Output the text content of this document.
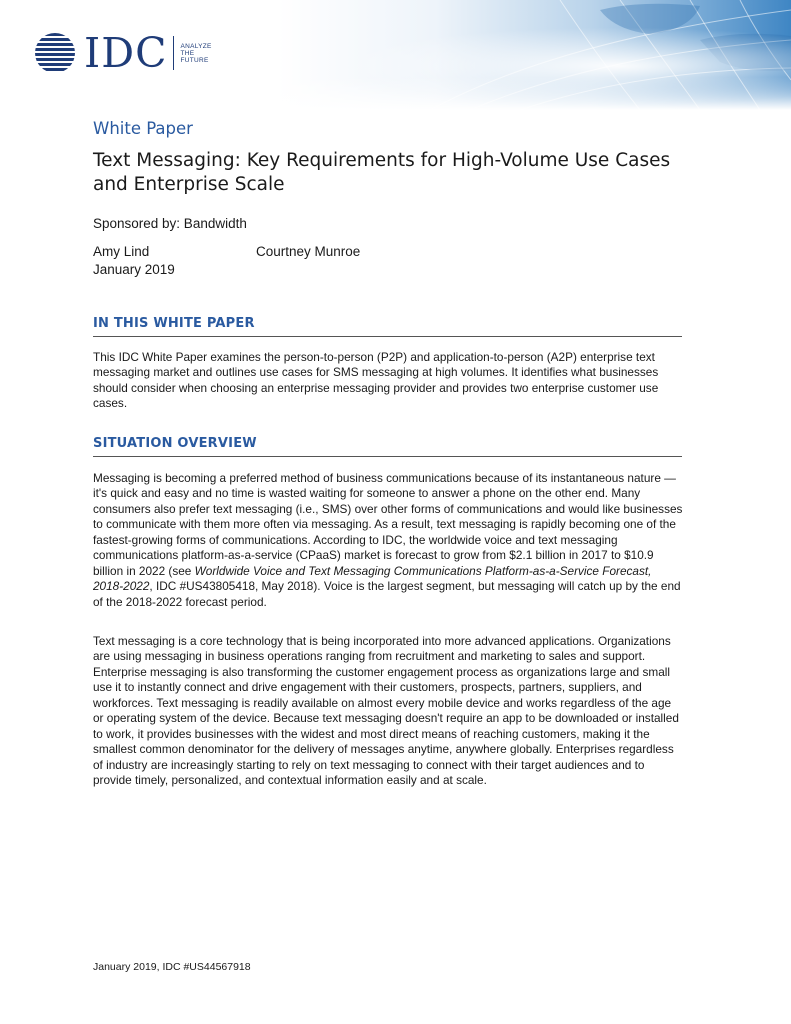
IDC ANALYZE
THE
FUTURE
White Paper
Text Messaging: Key Requirements for High-Volume Use Cases
and Enterprise Scale
Sponsored by: Bandwidth
Amy Lind
January 2019
Courtney Munroe
IN THIS WHITE PAPER
This IDC White Paper examines the person-to-person (P2P) and application-to-person (A2P) enterprise text messaging market and outlines use cases for SMS messaging at high volumes. It identifies what businesses should consider when choosing an enterprise messaging provider and provides two enterprise customer use cases.
SITUATION OVERVIEW
Messaging is becoming a preferred method of business communications because of its instantaneous nature — it's quick and easy and no time is wasted waiting for someone to answer a phone on the other end. Many consumers also prefer text messaging (i.e., SMS) over other forms of communications and would like businesses to communicate with them more often via messaging. As a result, text messaging is rapidly becoming one of the fastest-growing forms of communications. According to IDC, the worldwide voice and text messaging communications platform-as-a-service (CPaaS) market is forecast to grow from $2.1 billion in 2017 to $10.9 billion in 2022 (see Worldwide Voice and Text Messaging Communications Platform-as-a-Service Forecast, 2018-2022, IDC #US43805418, May 2018). Voice is the largest segment, but messaging will catch up by the end of the 2018-2022 forecast period.
Text messaging is a core technology that is being incorporated into more advanced applications. Organizations are using messaging in business operations ranging from recruitment and marketing to sales and support. Enterprise messaging is also transforming the customer engagement process as organizations large and small use it to instantly connect and drive engagement with their customers, prospects, partners, suppliers, and workforces. Text messaging is readily available on almost every mobile device and works regardless of the age or operating system of the device. Because text messaging doesn't require an app to be downloaded or installed to work, it provides businesses with the widest and most direct means of reaching customers, making it the smallest common denominator for the delivery of messages anytime, anywhere globally. Enterprises regardless of industry are increasingly starting to rely on text messaging to connect with their target audiences and to provide timely, personalized, and contextual information easily and at scale.
January 2019, IDC #US44567918
